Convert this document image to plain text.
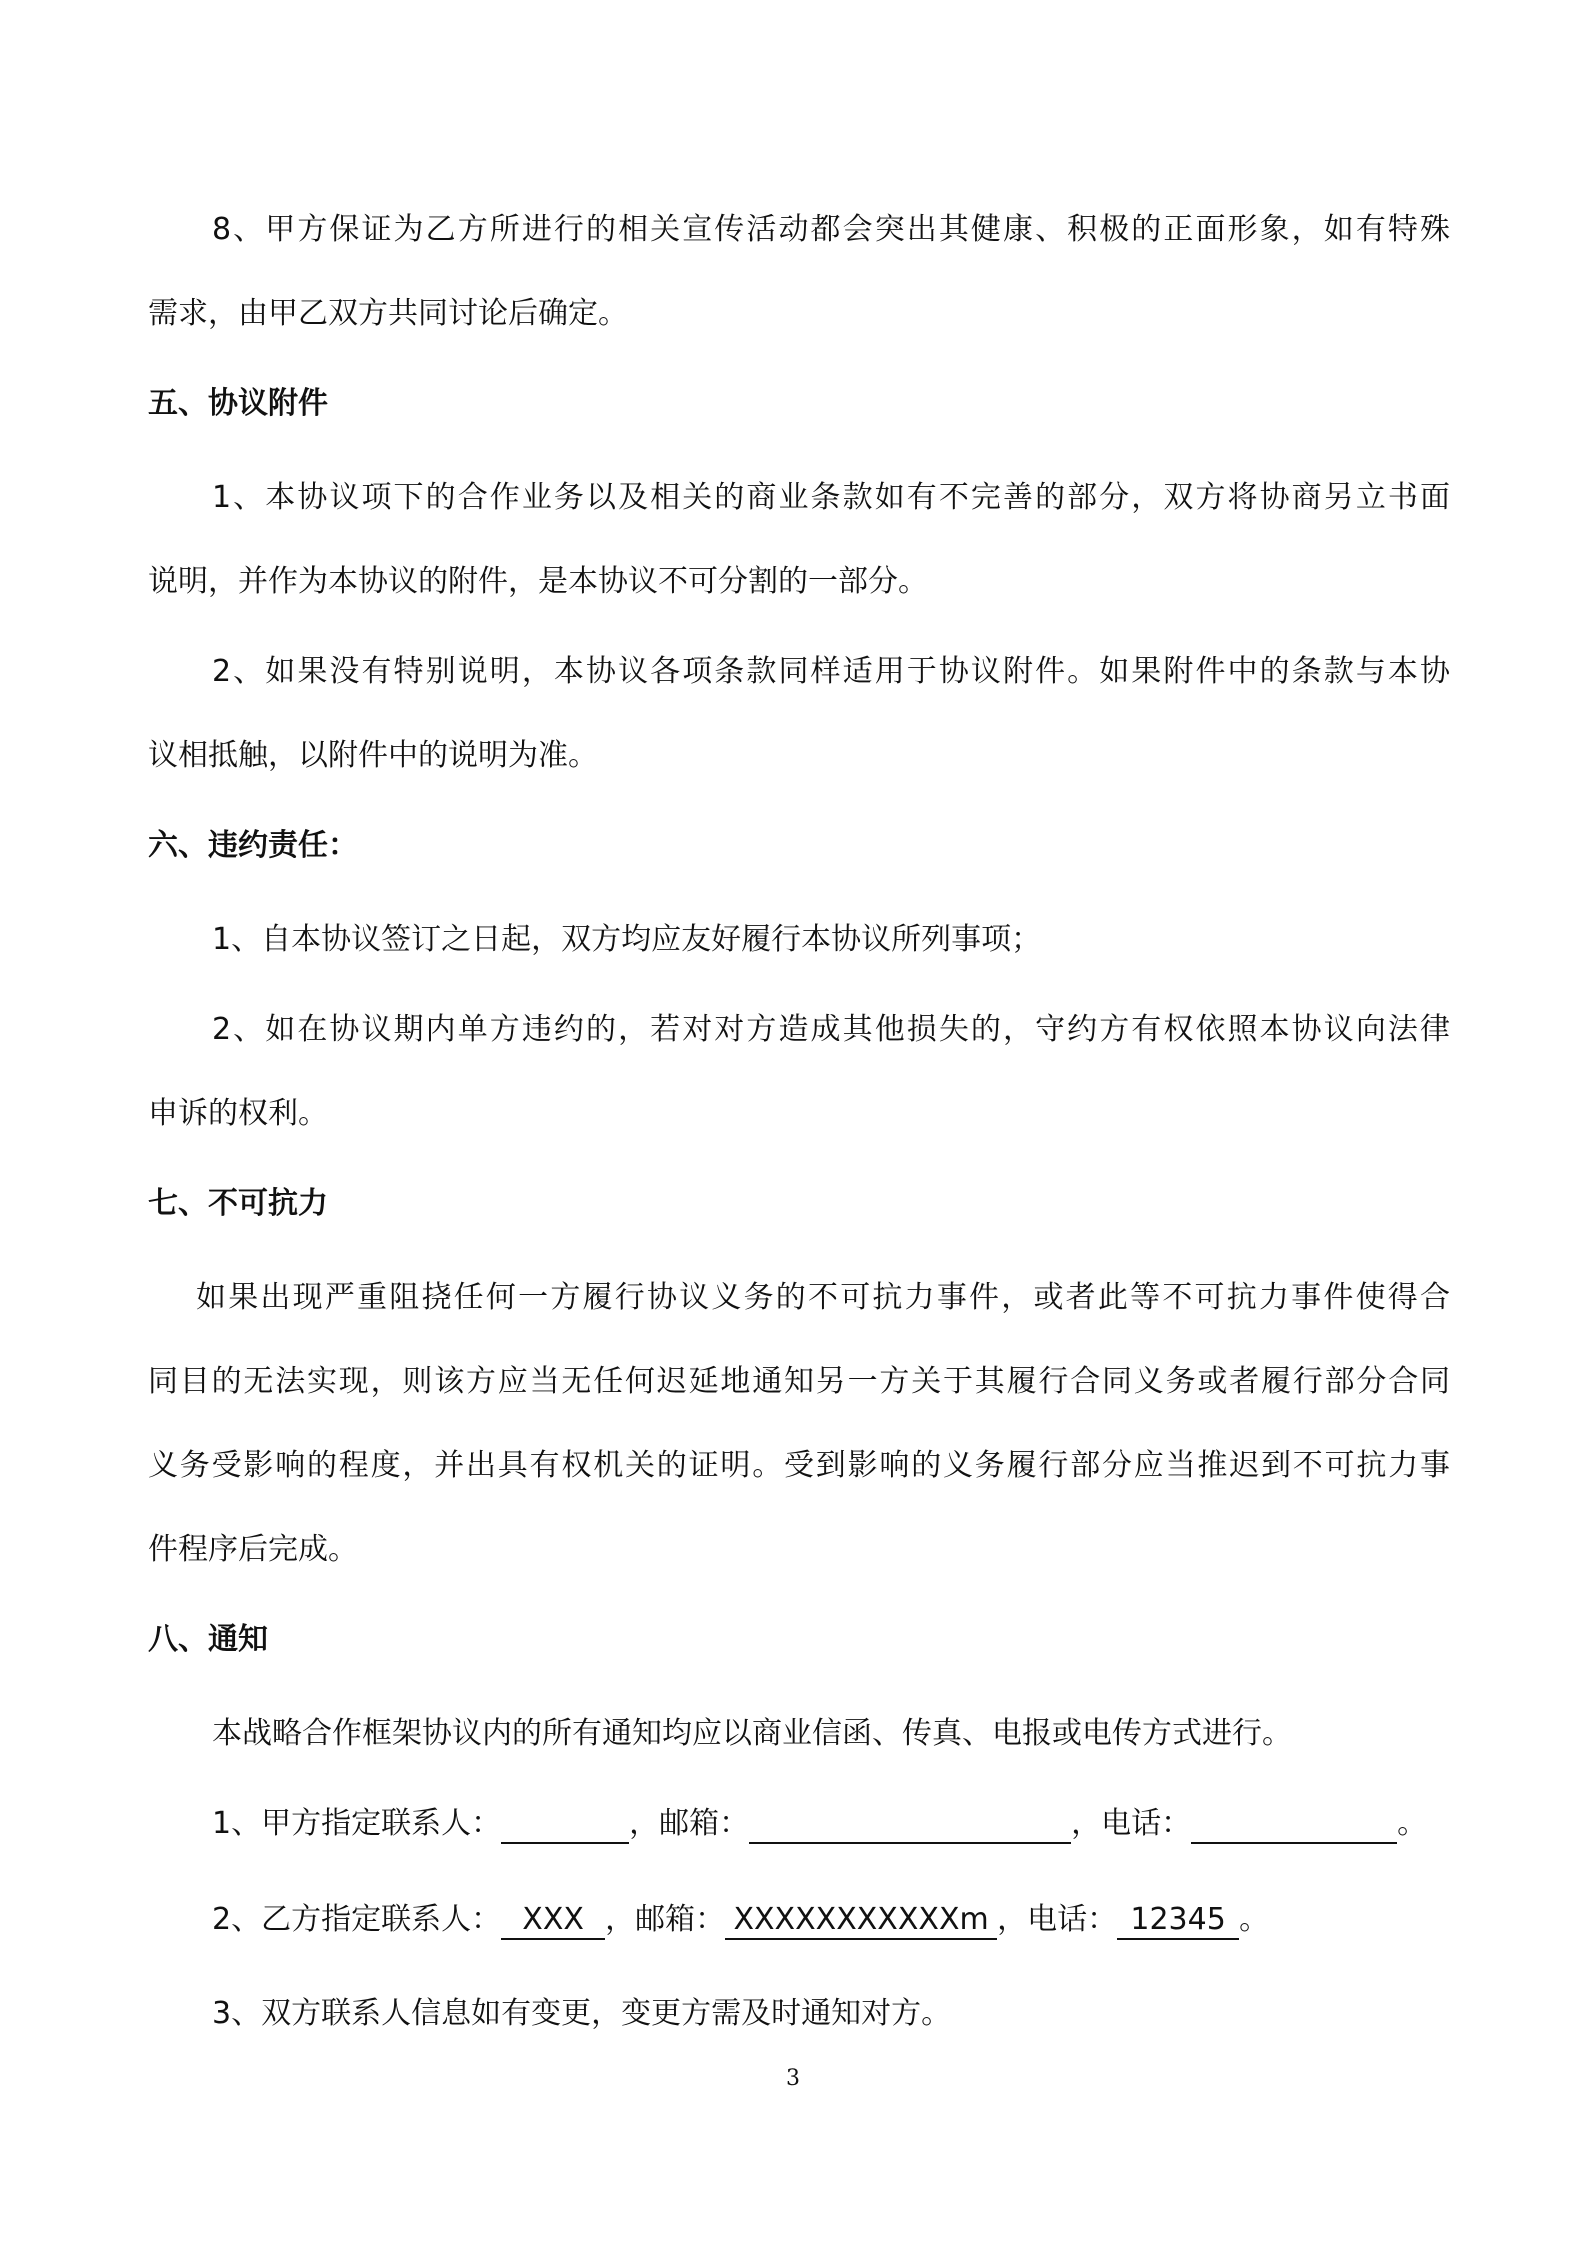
8、甲方保证为乙方所进行的相关宣传活动都会突出其健康、积极的正面形象，如有特殊
需求，由甲乙双方共同讨论后确定。
五、协议附件
1、本协议项下的合作业务以及相关的商业条款如有不完善的部分，双方将协商另立书面
说明，并作为本协议的附件，是本协议不可分割的一部分。
2、如果没有特别说明，本协议各项条款同样适用于协议附件。如果附件中的条款与本协
议相抵触，以附件中的说明为准。
六、违约责任：
1、自本协议签订之日起，双方均应友好履行本协议所列事项；
2、如在协议期内单方违约的，若对对方造成其他损失的，守约方有权依照本协议向法律
申诉的权利。
七、不可抗力
如果出现严重阻挠任何一方履行协议义务的不可抗力事件，或者此等不可抗力事件使得合
同目的无法实现，则该方应当无任何迟延地通知另一方关于其履行合同义务或者履行部分合同
义务受影响的程度，并出具有权机关的证明。受到影响的义务履行部分应当推迟到不可抗力事
件程序后完成。
八、通知
本战略合作框架协议内的所有通知均应以商业信函、传真、电报或电传方式进行。
1、甲方指定联系人：	，邮箱：	，电话：	。
2、乙方指定联系人： XXX ，邮箱： XXXXXXXXXXXm ，电话： 12345 。
3、双方联系人信息如有变更，变更方需及时通知对方。
3
